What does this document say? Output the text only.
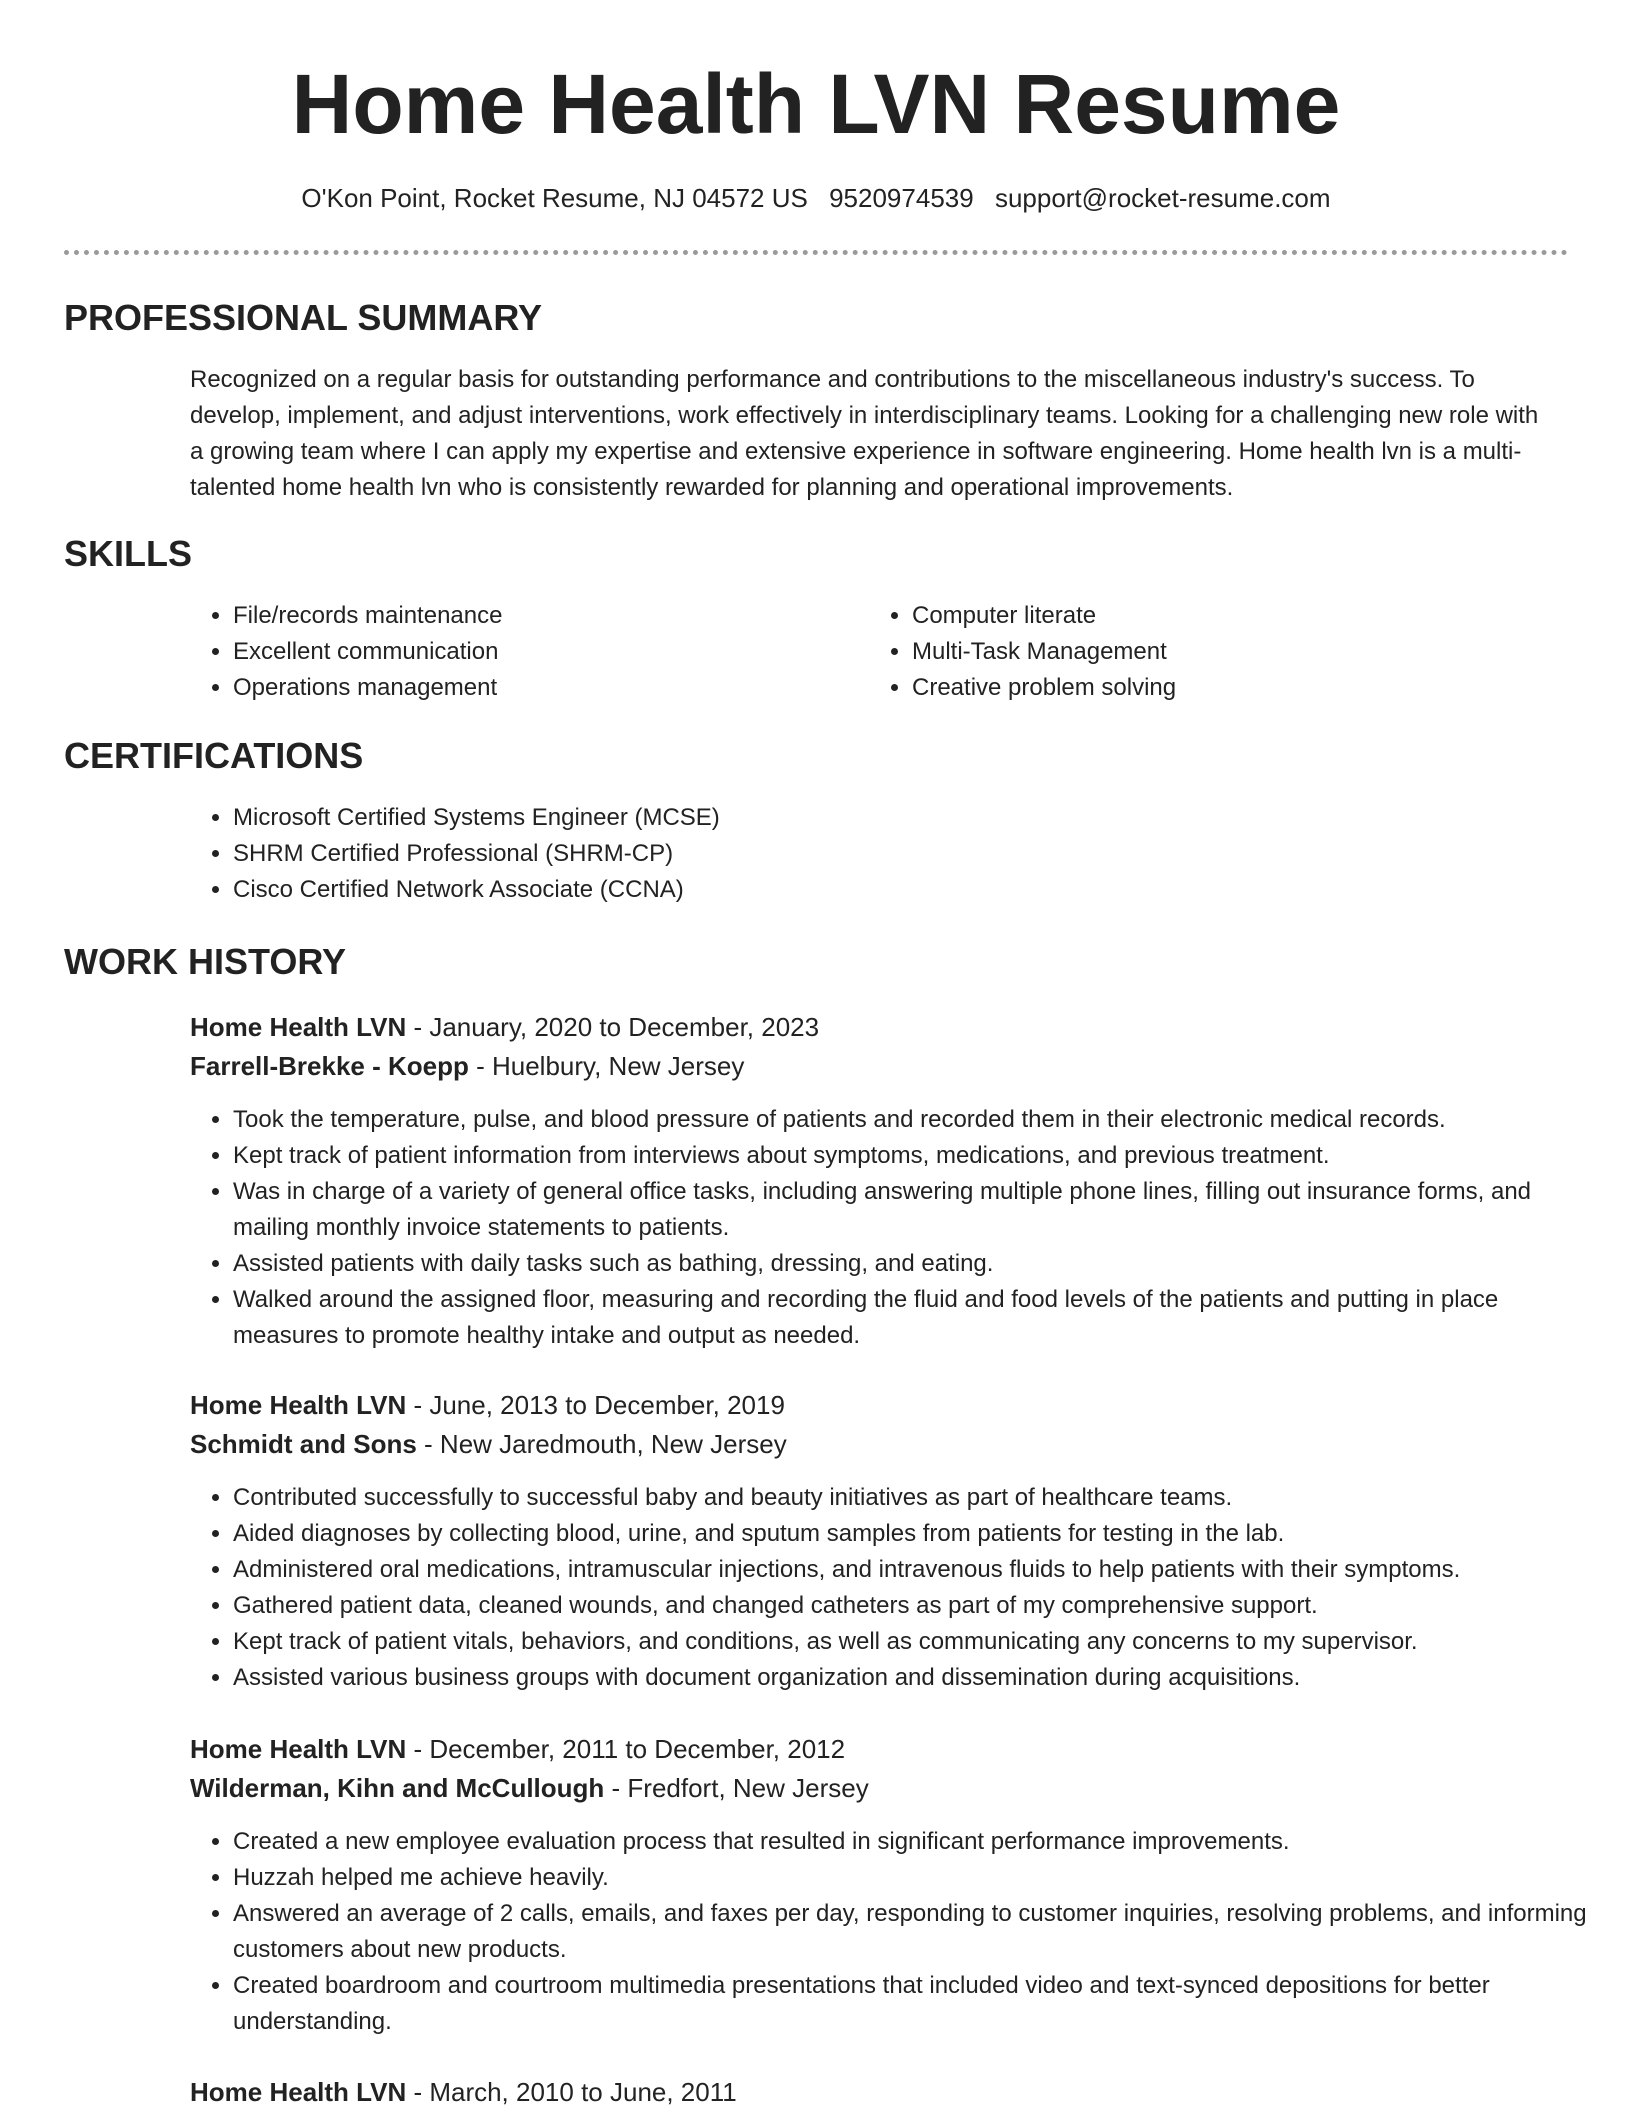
Home Health LVN Resume
O'Kon Point, Rocket Resume, NJ 04572 US 9520974539 support@rocket-resume.com
PROFESSIONAL SUMMARY

Recognized on a regular basis for outstanding performance and contributions to the miscellaneous industry's success. To develop, implement, and adjust interventions, work effectively in interdisciplinary teams. Looking for a challenging new role with a growing team where I can apply my expertise and extensive experience in software engineering. Home health lvn is a multi-talented home health lvn who is consistently rewarded for planning and operational improvements.

SKILLS
• File/records maintenance
• Excellent communication
• Operations management
• Computer literate
• Multi-Task Management
• Creative problem solving
CERTIFICATIONS
• Microsoft Certified Systems Engineer (MCSE)
• SHRM Certified Professional (SHRM-CP)
• Cisco Certified Network Associate (CCNA)
WORK HISTORY
Home Health LVN - January, 2020 to December, 2023
Farrell-Brekke - Koepp - Huelbury, New Jersey
• Took the temperature, pulse, and blood pressure of patients and recorded them in their electronic medical records.
• Kept track of patient information from interviews about symptoms, medications, and previous treatment.
• Was in charge of a variety of general office tasks, including answering multiple phone lines, filling out insurance forms, and mailing monthly invoice statements to patients.
• Assisted patients with daily tasks such as bathing, dressing, and eating.
• Walked around the assigned floor, measuring and recording the fluid and food levels of the patients and putting in place measures to promote healthy intake and output as needed.
Home Health LVN - June, 2013 to December, 2019
Schmidt and Sons - New Jaredmouth, New Jersey
• Contributed successfully to successful baby and beauty initiatives as part of healthcare teams.
• Aided diagnoses by collecting blood, urine, and sputum samples from patients for testing in the lab.
• Administered oral medications, intramuscular injections, and intravenous fluids to help patients with their symptoms.
• Gathered patient data, cleaned wounds, and changed catheters as part of my comprehensive support.
• Kept track of patient vitals, behaviors, and conditions, as well as communicating any concerns to my supervisor.
• Assisted various business groups with document organization and dissemination during acquisitions.
Home Health LVN - December, 2011 to December, 2012
Wilderman, Kihn and McCullough - Fredfort, New Jersey
• Created a new employee evaluation process that resulted in significant performance improvements.
• Huzzah helped me achieve heavily.
• Answered an average of 2 calls, emails, and faxes per day, responding to customer inquiries, resolving problems, and informing customers about new products.
• Created boardroom and courtroom multimedia presentations that included video and text-synced depositions for better understanding.
Home Health LVN - March, 2010 to June, 2011
